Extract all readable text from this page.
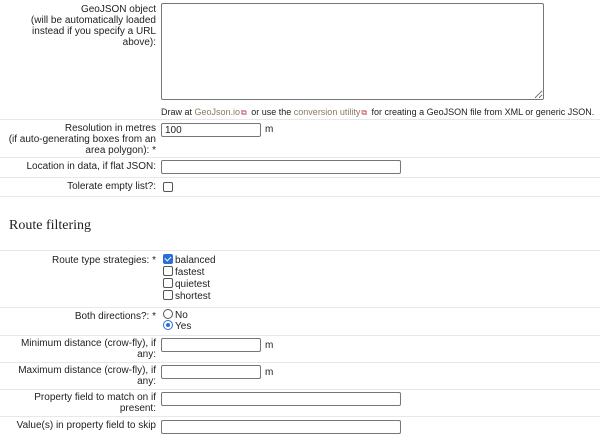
GeoJSON object
(will be automatically loaded
instead if you specify a URL
above):
Draw at GeoJson.io⧉ or use the conversion utility⧉ for creating a GeoJSON file from XML or generic JSON.
Resolution in metres
(if auto-generating boxes from an
area polygon): *
100
m
Location in data, if flat JSON:
Tolerate empty list?:
Route filtering
Route type strategies: *	balanced
fastest
quietest
shortest
Both directions?: *	No
Yes
Minimum distance (crow-fly), if
any:
m
Maximum distance (crow-fly), if
any:
m
Property field to match on if
present:
Value(s) in property field to skip
